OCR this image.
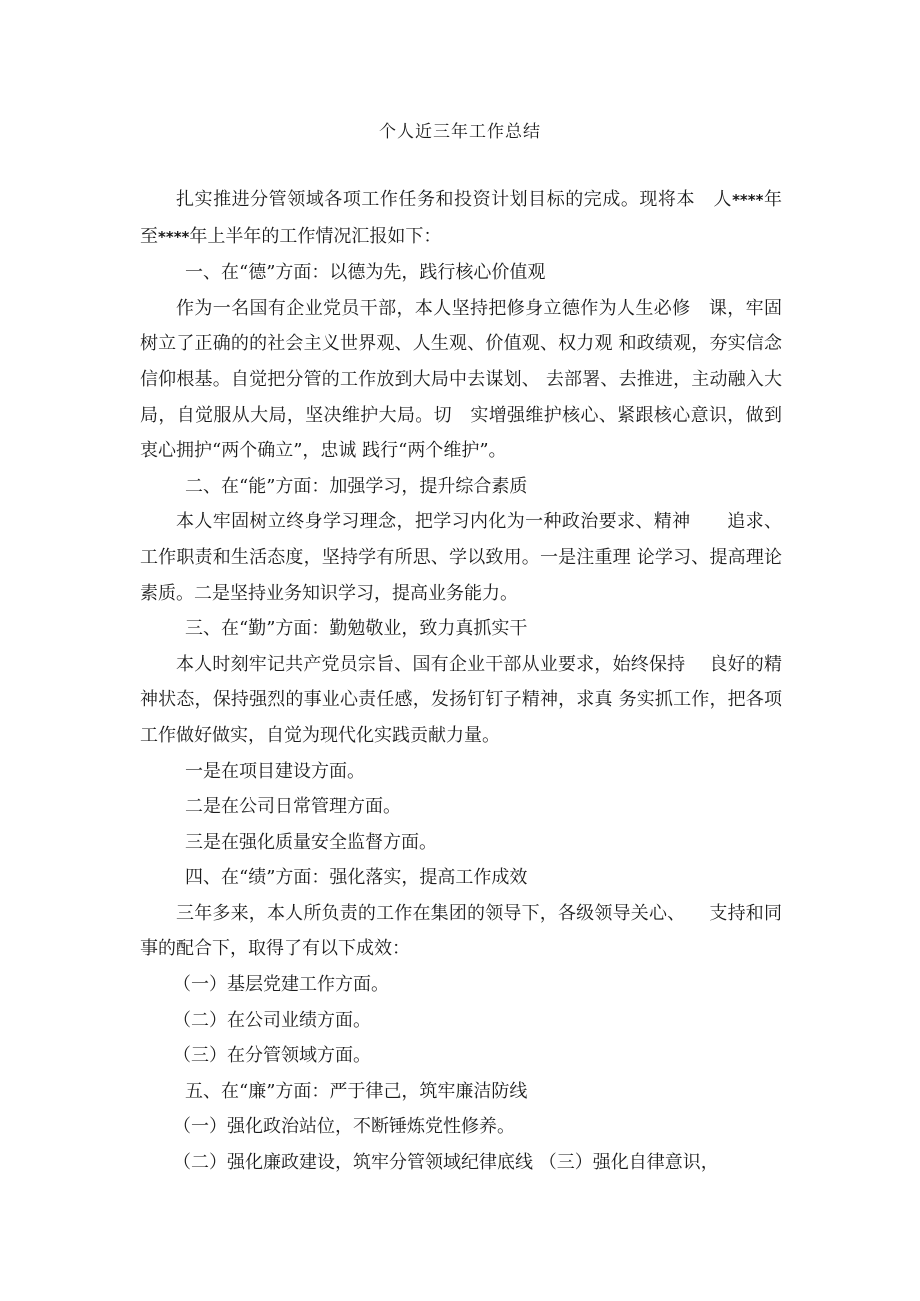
个人近三年工作总结

扎实推进分管领域各项工作任务和投资计划目标的完成。现将本　人****年至****年上半年的工作情况汇报如下：

一、在“德”方面：以德为先，践行核心价值观

作为一名国有企业党员干部，本人坚持把修身立德作为人生必修　课，牢固树立了正确的的社会主义世界观、人生观、价值观、权力观 和政绩观，夯实信念信仰根基。自觉把分管的工作放到大局中去谋划、 去部署、去推进，主动融入大局，自觉服从大局，坚决维护大局。切　实增强维护核心、紧跟核心意识，做到衷心拥护“两个确立”，忠诚 践行“两个维护”。

二、在“能”方面：加强学习，提升综合素质

本人牢固树立终身学习理念，把学习内化为一种政治要求、精神　　追求、工作职责和生活态度，坚持学有所思、学以致用。一是注重理 论学习、提高理论素质。二是坚持业务知识学习，提高业务能力。

三、在“勤”方面：勤勉敬业，致力真抓实干

本人时刻牢记共产党员宗旨、国有企业干部从业要求，始终保持　 良好的精神状态，保持强烈的事业心责任感，发扬钉钉子精神，求真 务实抓工作，把各项工作做好做实，自觉为现代化实践贡献力量。

一是在项目建设方面。

二是在公司日常管理方面。

三是在强化质量安全监督方面。

四、在“绩”方面：强化落实，提高工作成效

三年多来，本人所负责的工作在集团的领导下，各级领导关心、 　支持和同事的配合下，取得了有以下成效：

（一）基层党建工作方面。

（二）在公司业绩方面。

（三）在分管领域方面。

五、在“廉”方面：严于律己，筑牢廉洁防线

（一）强化政治站位，不断锤炼党性修养。

（二）强化廉政建设，筑牢分管领域纪律底线 （三）强化自律意识，
